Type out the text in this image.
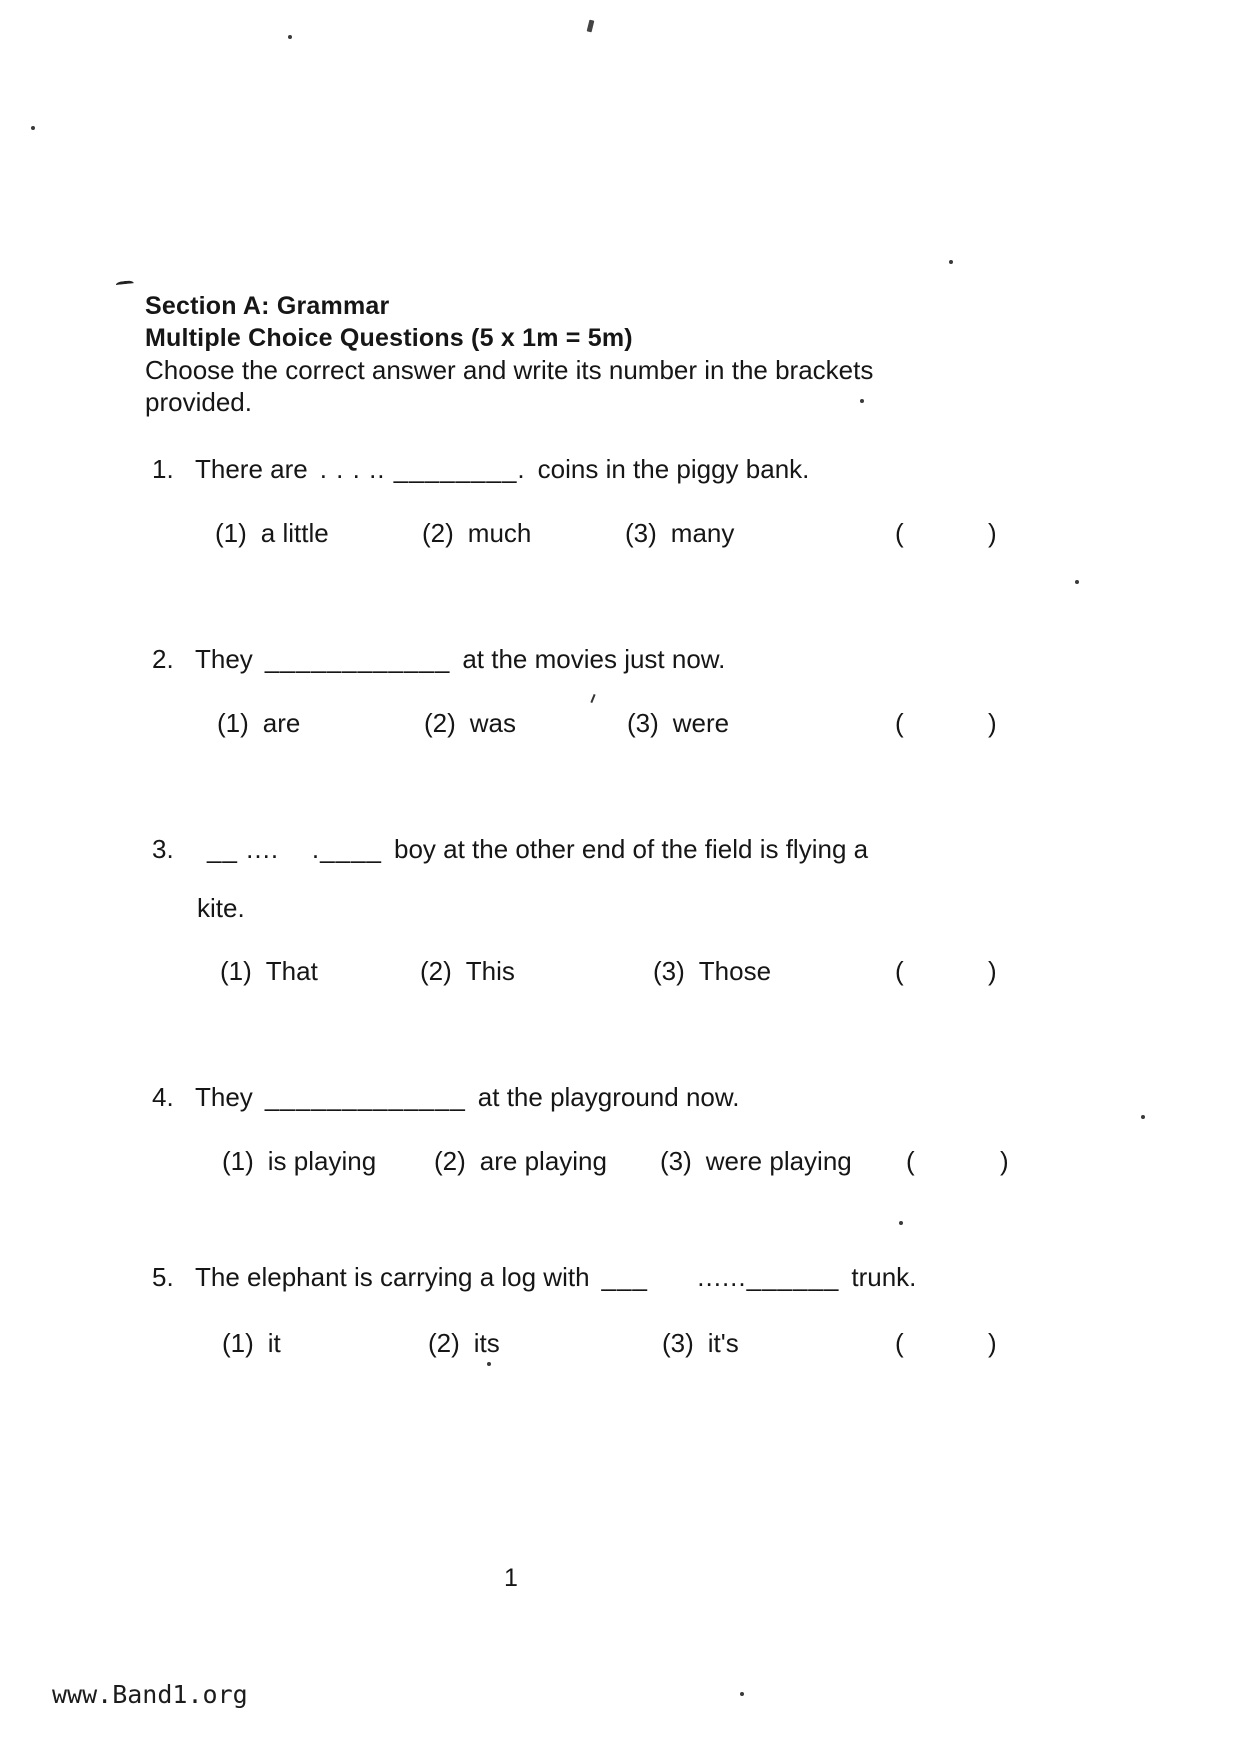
Section A: Grammar
Multiple Choice Questions (5 x 1m = 5m)
Choose the correct answer and write its number in the brackets
provided.
1. There are . . . .. ________. coins in the piggy bank.
(1) a little	(2) much	(3) many	(	)
2. They ____________ at the movies just now.
(1) are	(2) was	(3) were	(	)
3.	__ ....    .____ boy at the other end of the field is flying a
kite.
(1) That	(2) This	(3) Those	(	)
4. They _____________ at the playground now.
(1) is playing (2) are playing (3) were playing (	)
5. The elephant is carrying a log with ___      ......______ trunk.
(1) it	(2) its	(3) it's	(	)
1
www.Band1.org
